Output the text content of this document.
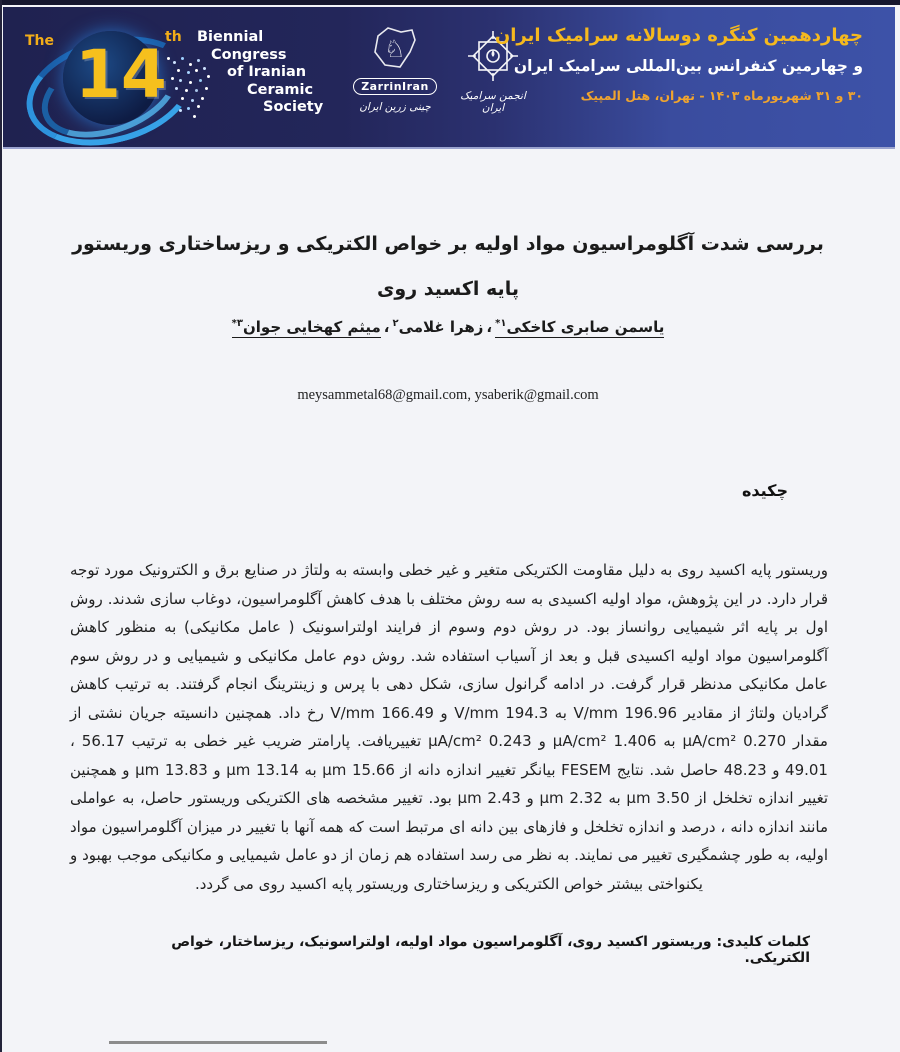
The 14
th Biennial
Congress
of Iranian
Ceramic
Society
♘
ZarrinIran
چینی زرین ایران
انجمن سرامیک ایران
چهاردهمین کنگره دوسالانه سرامیک ایران
و چهارمین کنفرانس بین‌المللی سرامیک ایران
۳۰ و ۳۱ شهریورماه ۱۴۰۳ - تهران، هتل المپیک
بررسی شدت آگلومراسیون مواد اولیه بر خواص الکتریکی و ریزساختاری وریستور
پایه اکسید روی
یاسمن صابری کاخکی$^{۱*}$،زهرا غلامی$^۲$،میثم کهخایی جوان$^{۳*}$
meysammetal68@gmail.com, ysaberik@gmail.com
چکیده

وریستور پایه اکسید روی به دلیل مقاومت الکتریکی متغیر و غیر خطی وابسته به ولتاژ در صنایع برق و الکترونیک مورد توجه قرار دارد. در این پژوهش، مواد اولیه اکسیدی به سه روش مختلف با هدف کاهش آگلومراسیون، دوغاب سازی شدند. روش اول بر پایه اثر شیمیایی روانساز بود. در روش دوم وسوم از فرایند اولتراسونیک ( عامل مکانیکی) به منظور کاهش آگلومراسیون مواد اولیه اکسیدی قبل و بعد از آسیاب استفاده شد. روش دوم عامل مکانیکی و شیمیایی و در روش سوم عامل مکانیکی مدنظر قرار گرفت. در ادامه گرانول سازی، شکل دهی با پرس و زینترینگ انجام گرفتند. به ترتیب کاهش گرادیان ولتاژ از مقادیر 196.96 V/mm به 194.3 V/mm و 166.49 V/mm رخ داد. همچنین دانسیته جریان نشتی از مقدار 0.270 µA/cm² به 1.406 µA/cm² و 0.243 µA/cm² تغییریافت. پارامتر ضریب غیر خطی به ترتیب 56.17 ، 49.01 و 48.23 حاصل شد. نتایج FESEM بیانگر تغییر اندازه دانه از 15.66 µm به 13.14 µm و 13.83 µm و همچنین تغییر اندازه تخلخل از 3.50 µm به 2.32 µm و 2.43 µm بود. تغییر مشخصه های الکتریکی وریستور حاصل، به عواملی مانند اندازه دانه ، درصد و اندازه تخلخل و فازهای بین دانه ای مرتبط است که همه آنها با تغییر در میزان آگلومراسیون مواد اولیه، به طور چشمگیری تغییر می نمایند. به نظر می رسد استفاده هم زمان از دو عامل شیمیایی و مکانیکی موجب بهبود و یکنواختی بیشتر خواص الکتریکی و ریزساختاری وریستور پایه اکسید روی می گردد.

کلمات کلیدی: وریستور اکسید روی، آگلومراسیون مواد اولیه، اولتراسونیک، ریزساختار، خواص الکتریکی.
